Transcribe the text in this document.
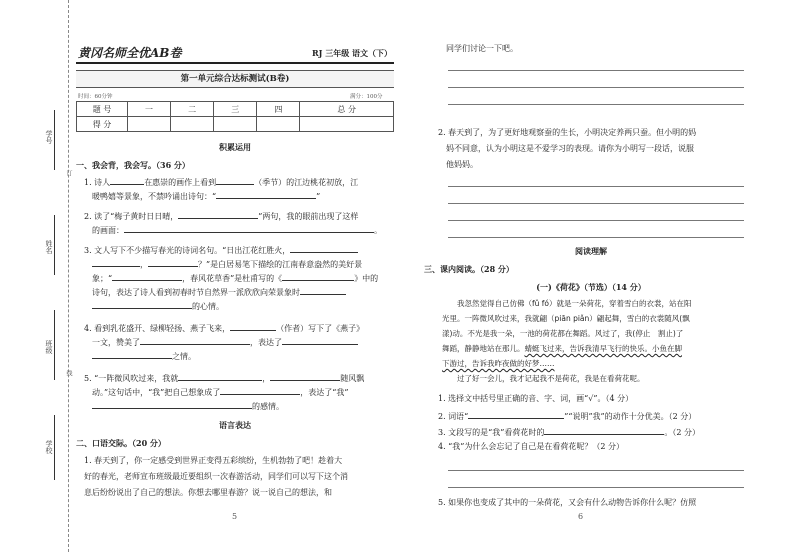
学号
姓名
班级
学校
订
线
黄冈名师全优AB卷	RJ 三年级 语文（下）
第一单元综合达标测试(B卷)
时间：60分钟	满分：100分
题 号	一	二	三	四	总 分
得 分					
积累运用
一、我会背，我会写。（36 分）
1. 诗人	在惠崇的画作上看到	（季节）的江边桃花初放，江
暖鸭嬉等景象，不禁吟诵出诗句：“	”
2. 读了“梅子黄时日日晴，	”两句，我的眼前出现了这样
的画面：	。
3. 文人写下不少描写春光的诗词名句。“日出江花红胜火，
，	？”是白居易笔下描绘的江南春意盎然的美好景
象；“	，春风花草香”是杜甫写的《	》中的
诗句，表达了诗人看到初春时节自然界一派欣欣向荣景象时
的心情。
4. 看到乳花盛开、绿柳轻扬、燕子飞来，	（作者）写下了《燕子》
一文，赞美了	，表达了
之情。
5. “一阵微风吹过来，我就	，	随风飘
动。”这句话中，“我”把自己想象成了	，表达了“我”
的感情。
语言表达
二、口语交际。（20 分）
1. 春天到了，你一定感受到世界正变得五彩缤纷，生机勃勃了吧！趁着大
好的春光，老师宣布班级最近要组织一次春游活动，同学们可以写下这个消
息后纷纷说出了自己的想法。你想去哪里春游？说一说自己的想法，和
5
同学们讨论一下吧。
2. 春天到了，为了更好地观察蚕的生长，小明决定养两只蚕。但小明的妈
妈不同意，认为小明这是不爱学习的表现。请你为小明写一段话，说服
他妈妈。
阅读理解
三、课内阅读。（28 分）
(一)《荷花》（节选）（14 分）

我忽然觉得自己仿佛（fǔ fó）就是一朵荷花，穿着雪白的衣裳，站在阳

光里。一阵微风吹过来，我就翩（piān piǎn）翩起舞，雪白的衣裳随风(飘

漾)动。不光是我一朵，一池的荷花都在舞蹈。风过了，我(停止　割止)了

舞蹈，静静地站在那儿。蜻蜓飞过来，告诉我清早飞行的快乐。小鱼在脚

下游过，告诉我昨夜做的好梦……

过了好一会儿，我才记起我不是荷花，我是在看荷花呢。

1. 选择文中括号里正确的音、字、词，画“√”。（4 分）
2. 词语“	”“说明”我”的动作十分优美。（2 分）
3. 文段写的是“我”看荷花时的	。（2 分）
4. “我”为什么会忘记了自己是在看荷花呢？（2 分）
5. 如果你也变成了其中的一朵荷花，又会有什么动物告诉你什么呢？仿照
6
